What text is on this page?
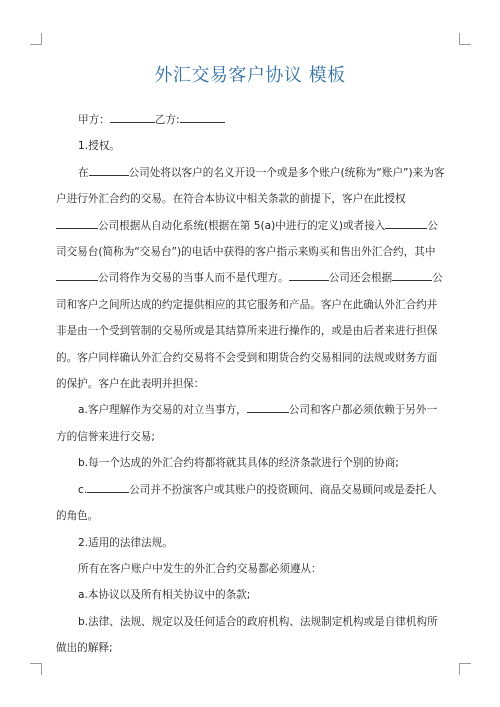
外汇交易客户协议 模板

甲方：	乙方:

1.授权。

在	公司处将以客户的名义开设一个或是多个账户(统称为“账户”)来为客户进行外汇合约的交易。在符合本协议中相关条款的前提下，客户在此授权公司根据从自动化系统(根据在第 5(a)中进行的定义)或者接入	公司交易台(简称为“交易台”)的电话中获得的客户指示来购买和售出外汇合约，其中公司将作为交易的当事人而不是代理方。	公司还会根据	公司和客户之间所达成的约定提供相应的其它服务和产品。客户在此确认外汇合约并非是由一个受到管制的交易所或是其结算所来进行操作的，或是由后者来进行担保的。客户同样确认外汇合约交易将不会受到和期货合约交易相同的法规或财务方面的保护。客户在此表明并担保：

a.客户理解作为交易的对立当事方，	公司和客户都必须依赖于另外一方的信誉来进行交易;

b.每一个达成的外汇合约将都将就其具体的经济条款进行个别的协商;

c.	公司并不扮演客户或其账户的投资顾问、商品交易顾问或是委托人的角色。

2.适用的法律法规。

所有在客户账户中发生的外汇合约交易都必须遵从：

a.本协议以及所有相关协议中的条款;

b.法律、法规、规定以及任何适合的政府机构、法规制定机构或是自律机构所做出的解释;
